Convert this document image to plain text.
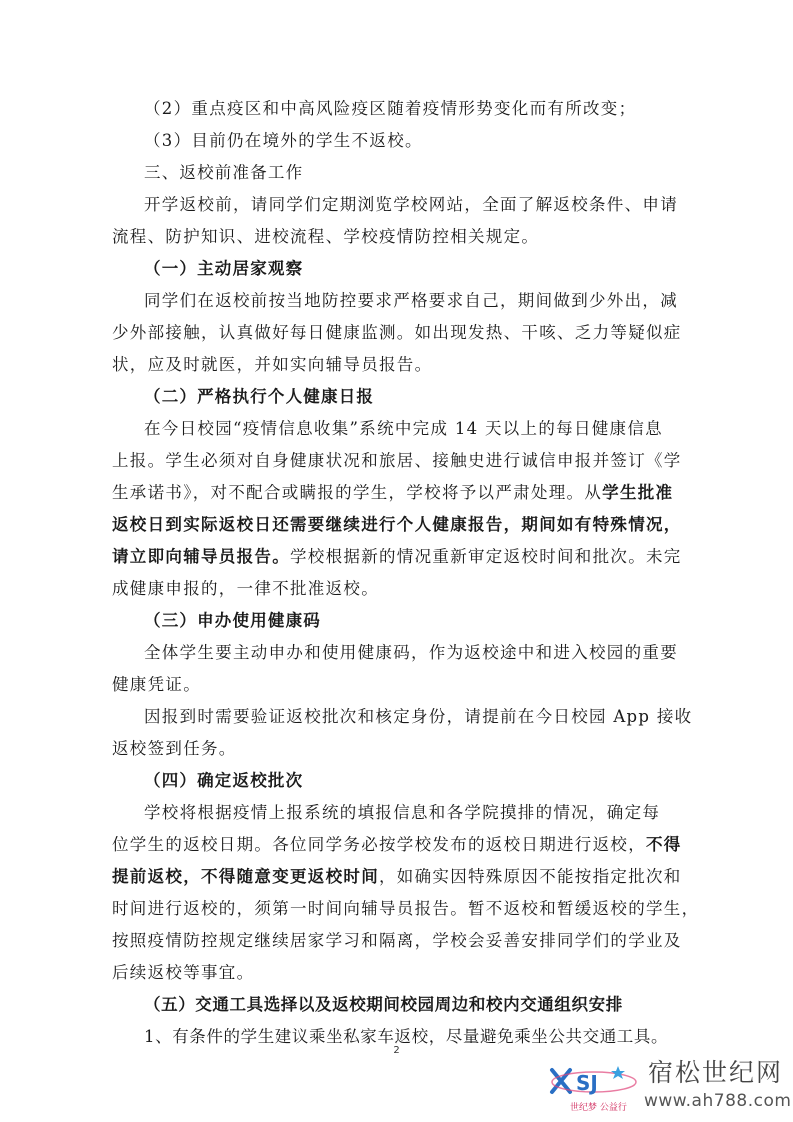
（2）重点疫区和中高风险疫区随着疫情形势变化而有所改变；
（3）目前仍在境外的学生不返校。
三、返校前准备工作
开学返校前，请同学们定期浏览学校网站，全面了解返校条件、申请
流程、防护知识、进校流程、学校疫情防控相关规定。
（一）主动居家观察
同学们在返校前按当地防控要求严格要求自己，期间做到少外出，减
少外部接触，认真做好每日健康监测。如出现发热、干咳、乏力等疑似症
状，应及时就医，并如实向辅导员报告。
（二）严格执行个人健康日报
在今日校园“疫情信息收集”系统中完成 14 天以上的每日健康信息
上报。学生必须对自身健康状况和旅居、接触史进行诚信申报并签订《学
生承诺书》，对不配合或瞒报的学生，学校将予以严肃处理。从学生批准
返校日到实际返校日还需要继续进行个人健康报告，期间如有特殊情况，
请立即向辅导员报告。学校根据新的情况重新审定返校时间和批次。未完
成健康申报的，一律不批准返校。
（三）申办使用健康码
全体学生要主动申办和使用健康码，作为返校途中和进入校园的重要
健康凭证。
因报到时需要验证返校批次和核定身份，请提前在今日校园 App 接收
返校签到任务。
（四）确定返校批次
学校将根据疫情上报系统的填报信息和各学院摸排的情况，确定每
位学生的返校日期。各位同学务必按学校发布的返校日期进行返校，不得
提前返校，不得随意变更返校时间，如确实因特殊原因不能按指定批次和
时间进行返校的，须第一时间向辅导员报告。暂不返校和暂缓返校的学生，
按照疫情防控规定继续居家学习和隔离，学校会妥善安排同学们的学业及
后续返校等事宜。
（五）交通工具选择以及返校期间校园周边和校内交通组织安排
1、有条件的学生建议乘坐私家车返校，尽量避免乘坐公共交通工具。
2
SJ
世纪梦 公益行
宿松世纪网
www.ah788.com
